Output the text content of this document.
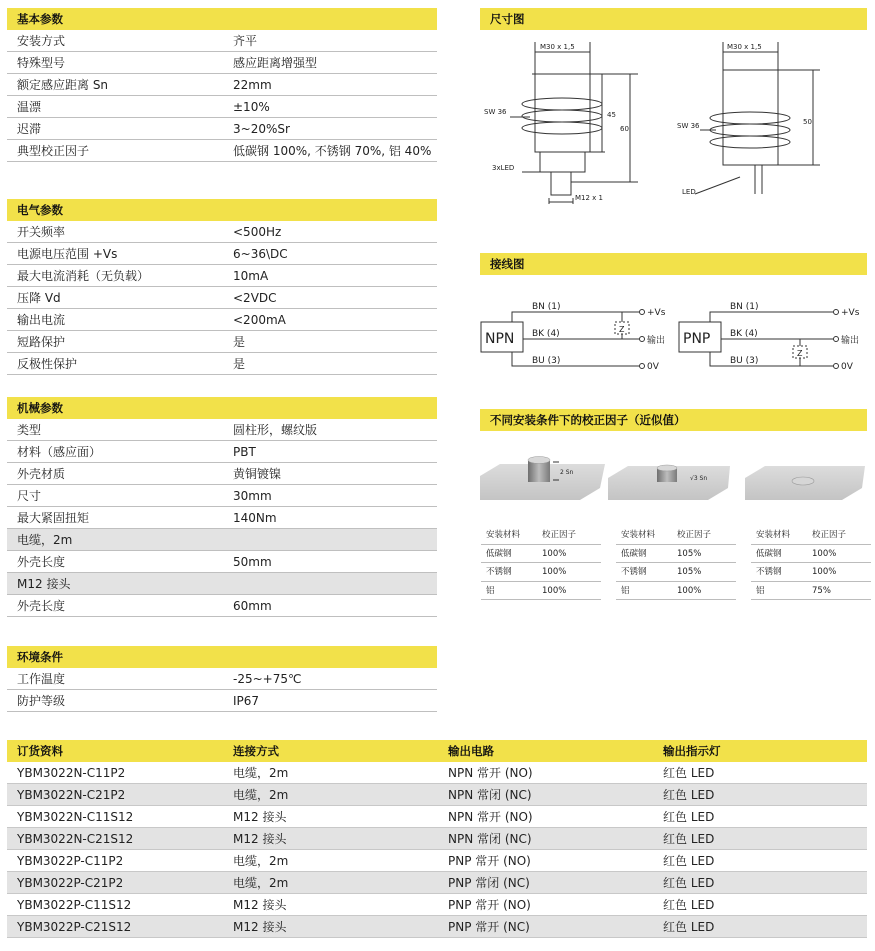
基本参数
安装方式	齐平
特殊型号	感应距离增强型
额定感应距离 Sn	22mm
温漂	±10%
迟滞	3~20%Sr
典型校正因子	低碳钢 100%, 不锈钢 70%, 铝 40%
电气参数
开关频率	<500Hz
电源电压范围 +Vs	6~36\DC
最大电流消耗（无负载）	10mA
压降 Vd	<2VDC
输出电流	<200mA
短路保护	是
反极性保护	是
机械参数
类型	圆柱形，螺纹版
材料（感应面）	PBT
外壳材质	黄铜镀镍
尺寸	30mm
最大紧固扭矩	140Nm
电缆，2m
外壳长度	50mm
M12 接头
外壳长度	60mm
环境条件
工作温度	-25~+75℃
防护等级	IP67
尺寸图
M30 x 1,5
SW 36
3xLED
M12 x 1
45
60
M30 x 1,5
SW 36
LED
50
接线图
NPN
BN (1)
BK (4)
BU (3)
+Vs
输出
0V
Z
PNP
BN (1)
BK (4)
BU (3)
+Vs
输出
0V
Z
不同安装条件下的校正因子（近似值）
2 Sn
√3 Sn
安装材料	校正因子
低碳钢	100%
不锈钢	100%
铝	100%
安装材料	校正因子
低碳钢	105%
不锈钢	105%
铝	100%
安装材料	校正因子
低碳钢	100%
不锈钢	100%
铝	75%
订货资料	连接方式	输出电路	输出指示灯
YBM3022N-C11P2	电缆，2m	NPN 常开 (NO)	红色 LED
YBM3022N-C21P2	电缆，2m	NPN 常闭 (NC)	红色 LED
YBM3022N-C11S12	M12 接头	NPN 常开 (NO)	红色 LED
YBM3022N-C21S12	M12 接头	NPN 常闭 (NC)	红色 LED
YBM3022P-C11P2	电缆，2m	PNP 常开 (NO)	红色 LED
YBM3022P-C21P2	电缆，2m	PNP 常闭 (NC)	红色 LED
YBM3022P-C11S12	M12 接头	PNP 常开 (NO)	红色 LED
YBM3022P-C21S12	M12 接头	PNP 常开 (NC)	红色 LED
